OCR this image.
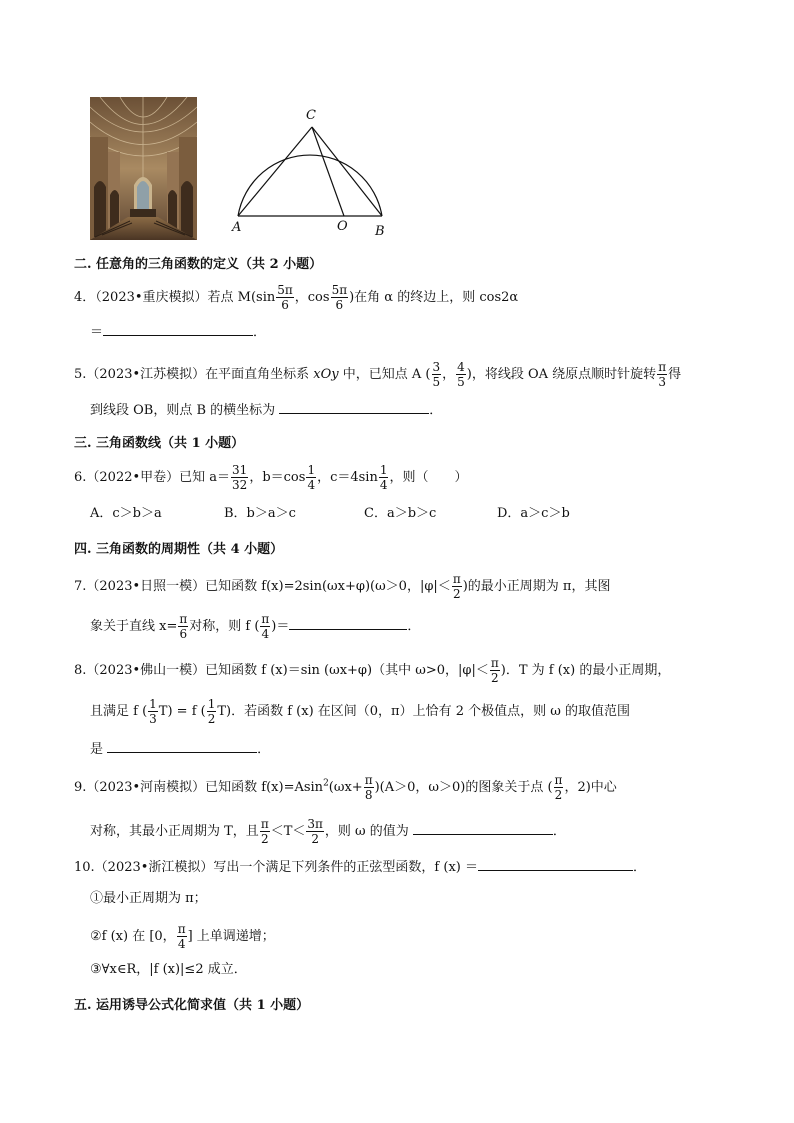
C
A	O B
二. 任意角的三角函数的定义（共 2 小题）
4．（2023•重庆模拟）若点 $M(\sin \frac{5\pi}{6}$ ，$\cos \frac{5\pi}{6}$ )在角 α 的终边上，则 cos2α
＝	．
5.（2023•江苏模拟）在平面直角坐标系 xOy 中，已知点 A ( $\frac{3}{5}$ ， $\frac{4}{5}$ )，将线段 OA 绕原点顺时针旋转 $\frac{\pi}{3}$ 得
到线段 OB，则点 B 的横坐标为	．
三. 三角函数线（共 1 小题）
6.（2022•甲卷）已知 $a= \frac{31}{32}$ ，$b=\cos \frac{1}{4}$ ，$c=4\sin \frac{1}{4}$ ，则（　　）
A．c＞b＞a	B．b＞a＞c	C．a＞b＞c	D．a＞c＞b
四. 三角函数的周期性（共 4 小题）
7.（2023•日照一模）已知函数 f(x)=2sin(ωx+φ)(ω＞0，$|\varphi|< \frac{\pi}{2}$ )的最小正周期为 π，其图
象关于直线 $x= \frac{\pi}{6}$ 对称，则 f ( $\frac{\pi}{4}$ )＝	．
8.（2023•佛山一模）已知函数 f (x)＝sin (ωx+φ)（其中 ω>0，$|\varphi|< \frac{\pi}{2}$ )．T 为 f (x) 的最小正周期，
且满足 f ( $\frac{1}{3} T) = f$ ( $\frac{1}{2} T$)．若函数 f (x) 在区间（0，π）上恰有 2 个极值点，则 ω 的取值范围
是	．
9.（2023•河南模拟）已知函数 $f(x)=Asin^2(\omega x+ \frac{\pi}{8} )(A>0$，ω＞0)的图象关于点 ( $\frac{\pi}{2}$ ，2)中心
对称，其最小正周期为 T，且 $\frac{\pi}{2} <T< \frac{3\pi}{2}$ ，则 ω 的值为	．
10.（2023•浙江模拟）写出一个满足下列条件的正弦型函数，f (x) ＝	．
①最小正周期为 π；
②f (x) 在 [0， $\frac{\pi}{4}$ ] 上单调递增；
③∀x∈R，|f (x)|≤2 成立．
五. 运用诱导公式化简求值（共 1 小题）
